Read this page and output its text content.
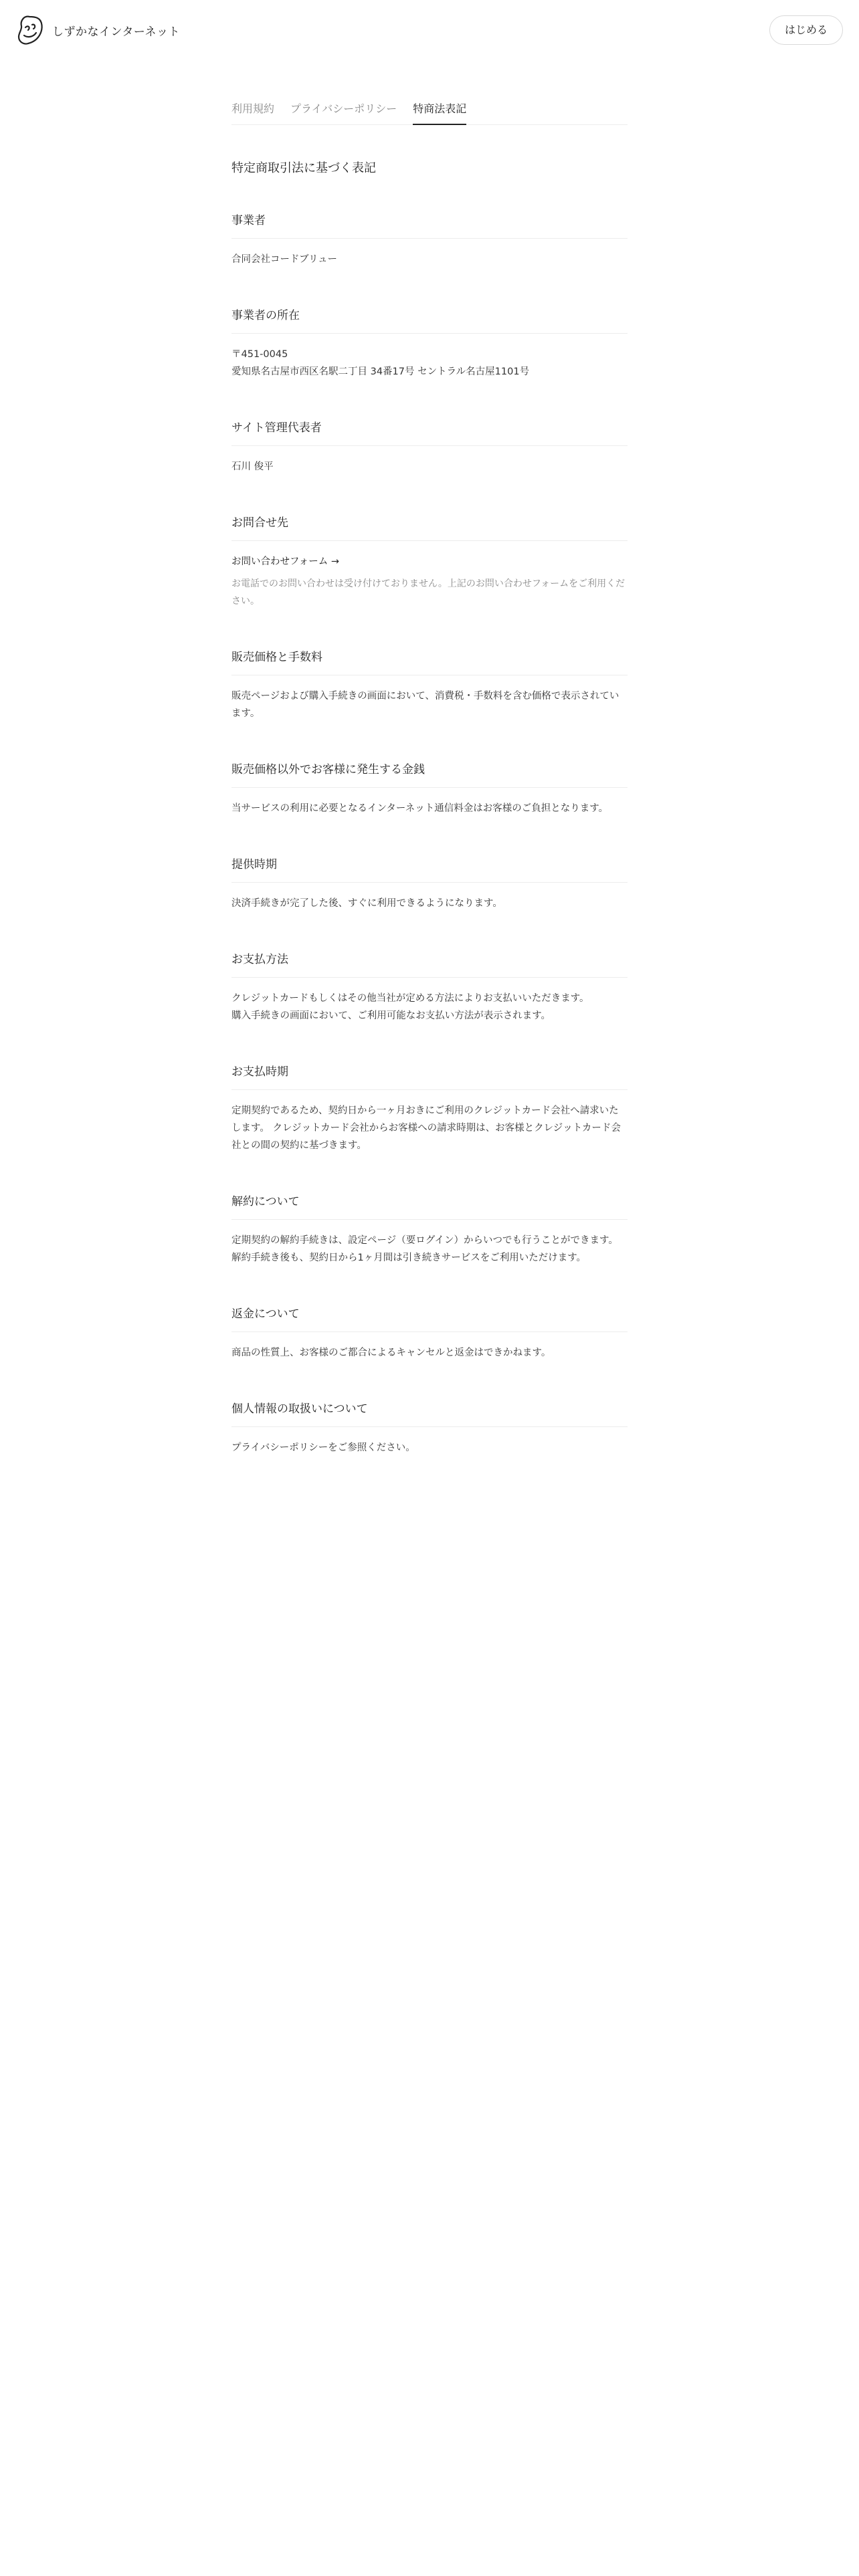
しずかなインターネット	はじめる
利用規約 プライバシーポリシー 特商法表記
特定商取引法に基づく表記
事業者
合同会社コードブリュー
事業者の所在
〒451-0045
愛知県名古屋市西区名駅二丁目 34番17号 セントラル名古屋1101号
サイト管理代表者
石川 俊平
お問合せ先
お問い合わせフォーム →
お電話でのお問い合わせは受け付けておりません。上記のお問い合わせフォームをご利用ください。
販売価格と手数料
販売ページおよび購入手続きの画面において、消費税・手数料を含む価格で表示されています。
販売価格以外でお客様に発生する金銭
当サービスの利用に必要となるインターネット通信料金はお客様のご負担となります。
提供時期
決済手続きが完了した後、すぐに利用できるようになります。
お支払方法
クレジットカードもしくはその他当社が定める方法によりお支払いいただきます。
購入手続きの画面において、ご利用可能なお支払い方法が表示されます。
お支払時期
定期契約であるため、契約日から一ヶ月おきにご利用のクレジットカード会社へ請求いたします。 クレジットカード会社からお客様への請求時期は、お客様とクレジットカード会社との間の契約に基づきます。
解約について
定期契約の解約手続きは、設定ページ（要ログイン）からいつでも行うことができます。解約手続き後も、契約日から1ヶ月間は引き続きサービスをご利用いただけます。
返金について
商品の性質上、お客様のご都合によるキャンセルと返金はできかねます。
個人情報の取扱いについて
プライバシーポリシーをご参照ください。
